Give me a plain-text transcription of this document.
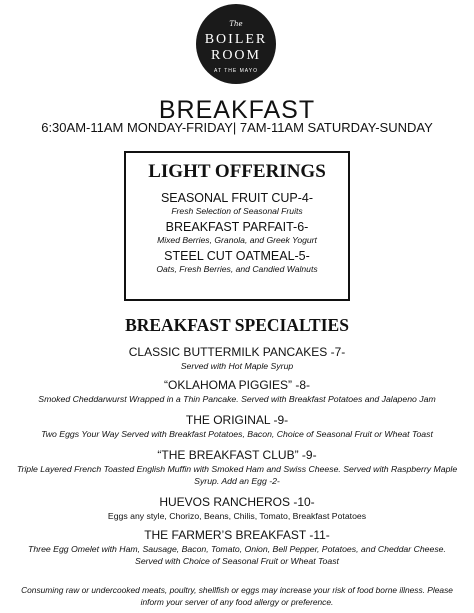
The
BOILER
ROOM
AT THE MAYO
BREAKFAST
6:30AM-11AM MONDAY-FRIDAY| 7AM-11AM SATURDAY-SUNDAY
LIGHT OFFERINGS
SEASONAL FRUIT CUP-4-
Fresh Selection of Seasonal Fruits
BREAKFAST PARFAIT-6-
Mixed Berries, Granola, and Greek Yogurt
STEEL CUT OATMEAL-5-
Oats, Fresh Berries, and Candied Walnuts
BREAKFAST SPECIALTIES
CLASSIC BUTTERMILK PANCAKES -7-
Served with Hot Maple Syrup
“OKLAHOMA PIGGIES” -8-
Smoked Cheddarwurst Wrapped in a Thin Pancake. Served with Breakfast Potatoes and Jalapeno Jam
THE ORIGINAL -9-
Two Eggs Your Way Served with Breakfast Potatoes, Bacon, Choice of Seasonal Fruit or Wheat Toast
“THE BREAKFAST CLUB” -9-
Triple Layered French Toasted English Muffin with Smoked Ham and Swiss Cheese. Served with Raspberry Maple Syrup. Add an Egg -2-
HUEVOS RANCHEROS -10-
Eggs any style, Chorizo, Beans, Chilis, Tomato, Breakfast Potatoes
THE FARMER’S BREAKFAST -11-
Three Egg Omelet with Ham, Sausage, Bacon, Tomato, Onion, Bell Pepper, Potatoes, and Cheddar Cheese. Served with Choice of Seasonal Fruit or Wheat Toast
Consuming raw or undercooked meats, poultry, shellfish or eggs may increase your risk of food borne illness. Please inform your server of any food allergy or preference.
